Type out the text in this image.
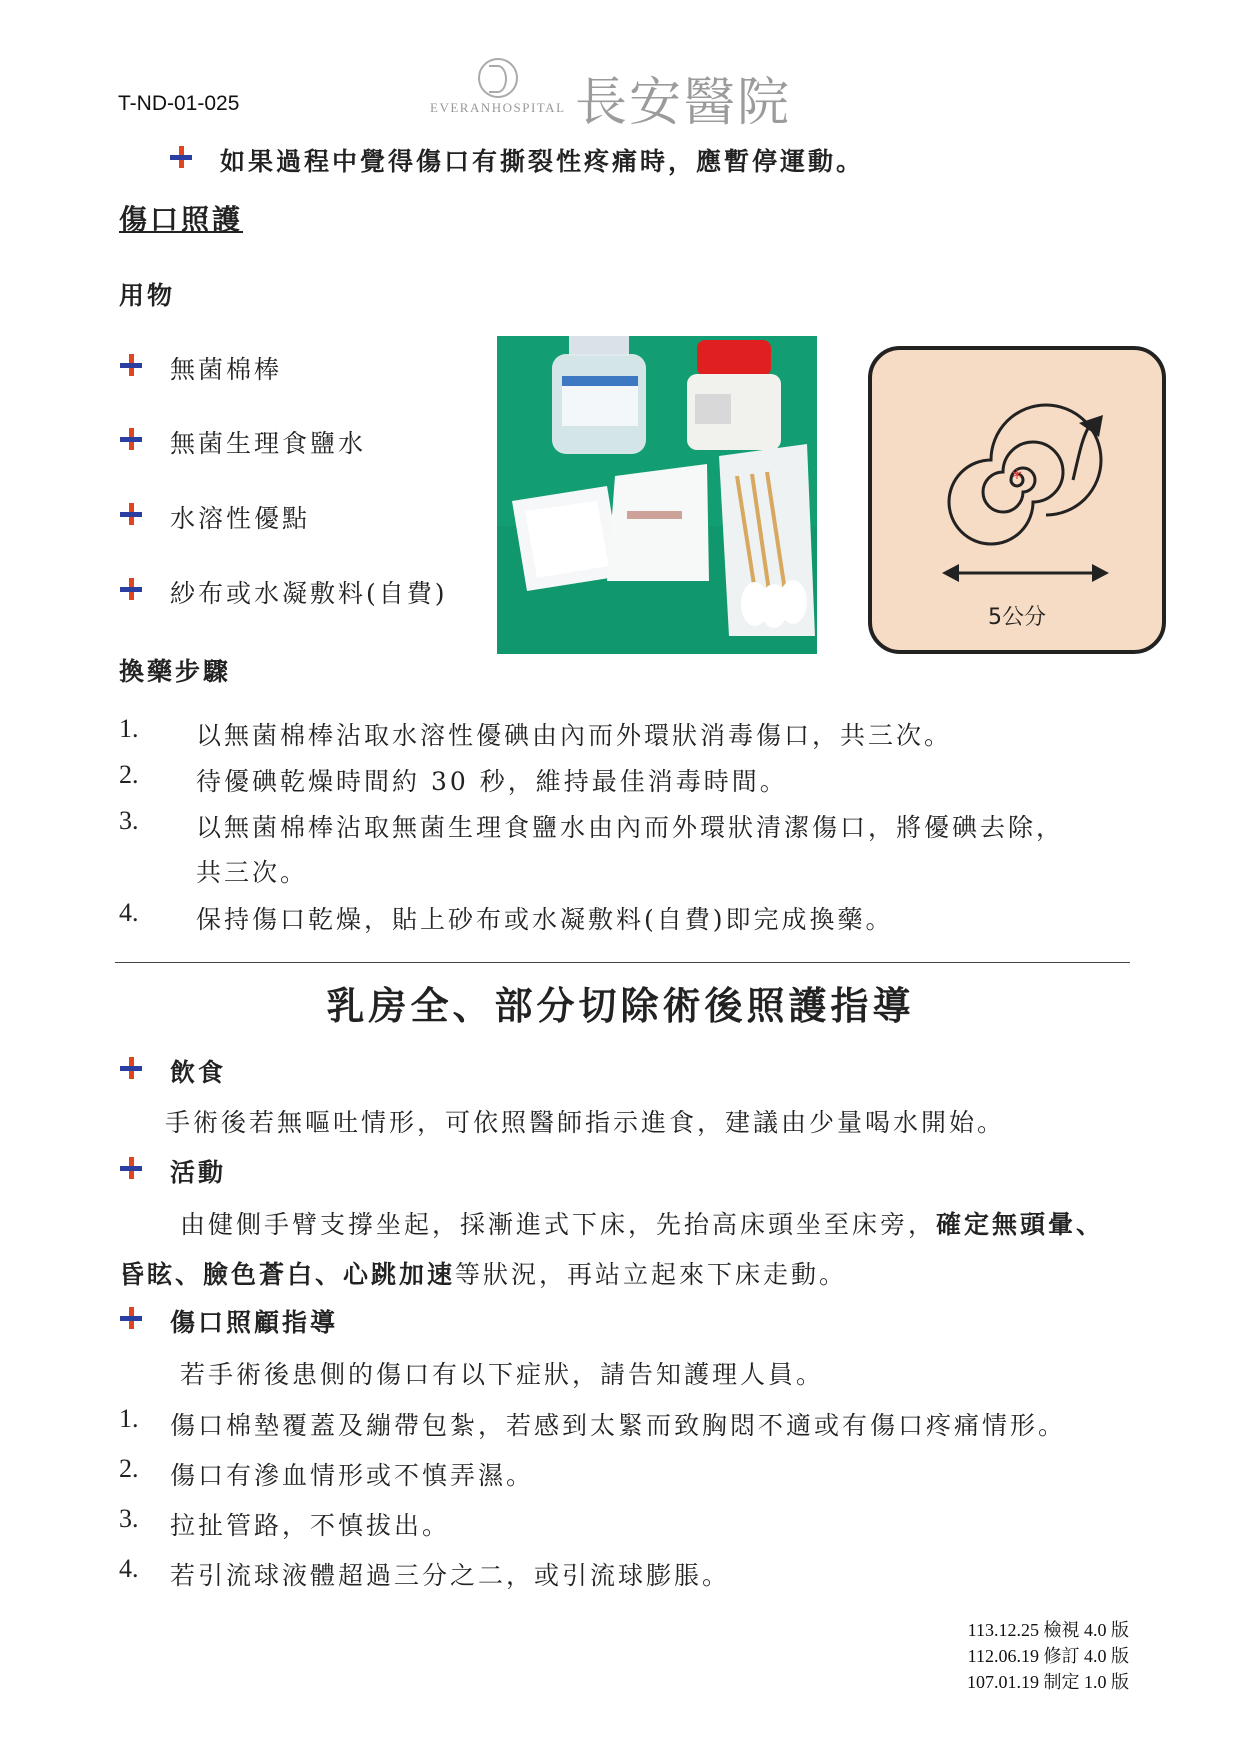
T-ND-01-025	EVERANHOSPITAL 長安醫院
如果過程中覺得傷口有撕裂性疼痛時，應暫停運動。
傷口照護
用物
無菌棉棒
無菌生理食鹽水
水溶性優點
紗布或水凝敷料(自費)
*
5公分
換藥步驟
1. 以無菌棉棒沾取水溶性優碘由內而外環狀消毒傷口，共三次。
2. 待優碘乾燥時間約 30 秒，維持最佳消毒時間。
3. 以無菌棉棒沾取無菌生理食鹽水由內而外環狀清潔傷口，將優碘去除，
共三次。
4. 保持傷口乾燥，貼上砂布或水凝敷料(自費)即完成換藥。
乳房全、部分切除術後照護指導
飲食
手術後若無嘔吐情形，可依照醫師指示進食，建議由少量喝水開始。
活動
由健側手臂支撐坐起，採漸進式下床，先抬高床頭坐至床旁，確定無頭暈、
昏眩、臉色蒼白、心跳加速等狀況，再站立起來下床走動。
傷口照顧指導
若手術後患側的傷口有以下症狀，請告知護理人員。
1. 傷口棉墊覆蓋及繃帶包紮，若感到太緊而致胸悶不適或有傷口疼痛情形。
2. 傷口有滲血情形或不慎弄濕。
3. 拉扯管路，不慎拔出。
4. 若引流球液體超過三分之二，或引流球膨脹。
113.12.25 檢視 4.0 版
112.06.19 修訂 4.0 版
107.01.19 制定 1.0 版
